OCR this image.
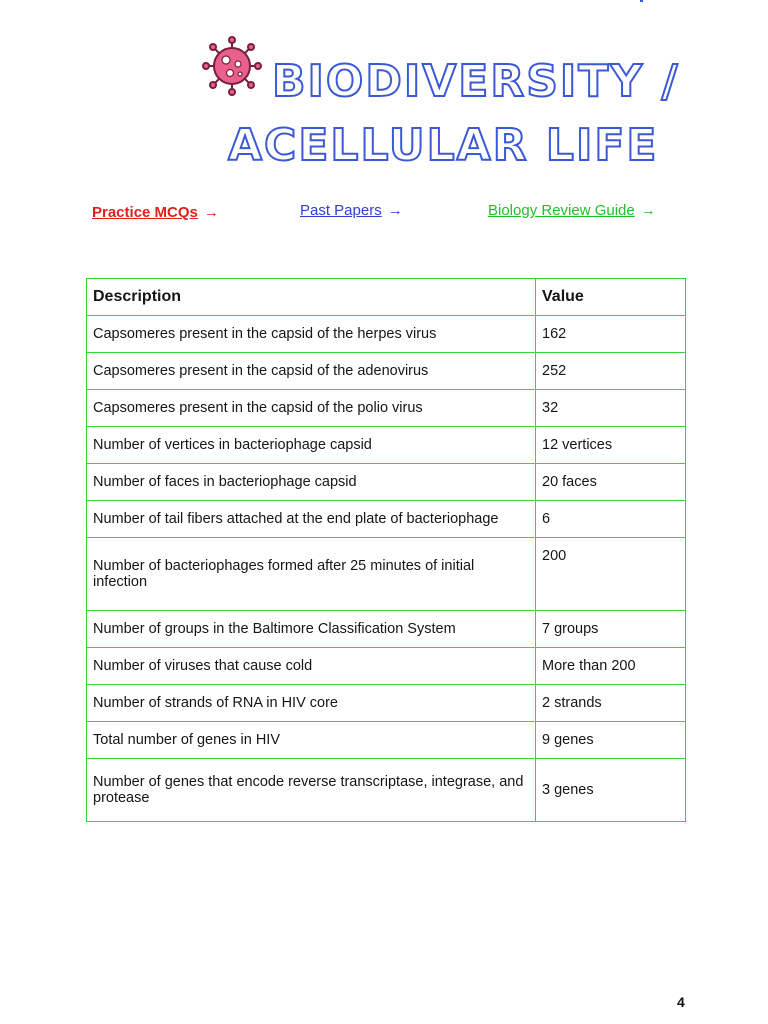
BIODIVERSITY /
ACELLULAR LIFE
Practice MCQs →	Past Papers →	Biology Review Guide →
Description	Value
Capsomeres present in the capsid of the herpes virus	162
Capsomeres present in the capsid of the adenovirus	252
Capsomeres present in the capsid of the polio virus	32
Number of vertices in bacteriophage capsid	12 vertices
Number of faces in bacteriophage capsid	20 faces
Number of tail fibers attached at the end plate of bacteriophage	6
Number of bacteriophages formed after 25 minutes of initial infection	200
Number of groups in the Baltimore Classification System	7 groups
Number of viruses that cause cold	More than 200
Number of strands of RNA in HIV core	2 strands
Total number of genes in HIV	9 genes
Number of genes that encode reverse transcriptase, integrase, and protease	3 genes
4
